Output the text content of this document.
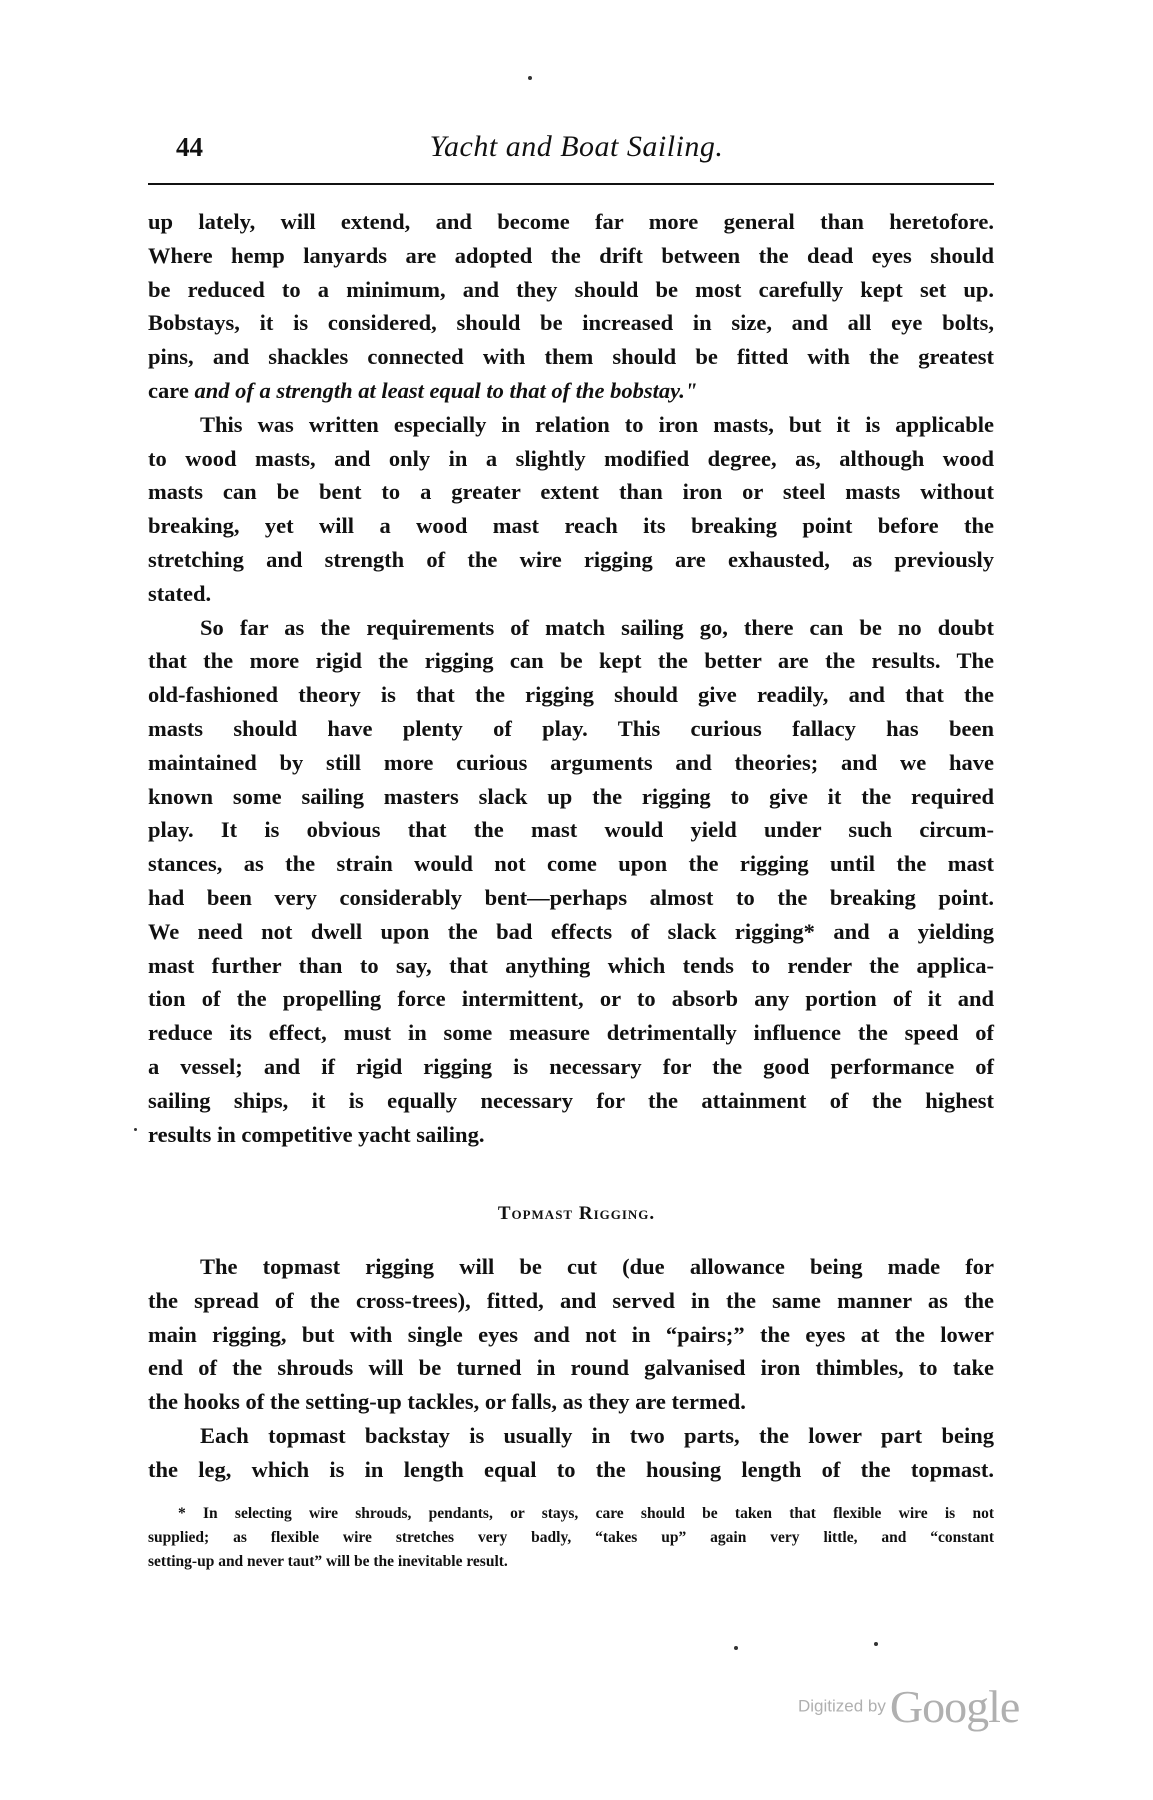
44	Yacht and Boat Sailing.
up lately, will extend, and become far more general than heretofore.
Where hemp lanyards are adopted the drift between the dead eyes should
be reduced to a minimum, and they should be most carefully kept set up.
Bobstays, it is considered, should be increased in size, and all eye bolts,
pins, and shackles connected with them should be fitted with the greatest
care and of a strength at least equal to that of the bobstay."
This was written especially in relation to iron masts, but it is applicable
to wood masts, and only in a slightly modified degree, as, although wood
masts can be bent to a greater extent than iron or steel masts without
breaking, yet will a wood mast reach its breaking point before the
stretching and strength of the wire rigging are exhausted, as previously
stated.
So far as the requirements of match sailing go, there can be no doubt
that the more rigid the rigging can be kept the better are the results. The
old-fashioned theory is that the rigging should give readily, and that the
masts should have plenty of play. This curious fallacy has been
maintained by still more curious arguments and theories; and we have
known some sailing masters slack up the rigging to give it the required
play. It is obvious that the mast would yield under such circum-
stances, as the strain would not come upon the rigging until the mast
had been very considerably bent—perhaps almost to the breaking point.
We need not dwell upon the bad effects of slack rigging* and a yielding
mast further than to say, that anything which tends to render the applica-
tion of the propelling force intermittent, or to absorb any portion of it and
reduce its effect, must in some measure detrimentally influence the speed of
a vessel; and if rigid rigging is necessary for the good performance of
sailing ships, it is equally necessary for the attainment of the highest
results in competitive yacht sailing.
Topmast Rigging.
The topmast rigging will be cut (due allowance being made for
the spread of the cross-trees), fitted, and served in the same manner as the
main rigging, but with single eyes and not in “pairs;” the eyes at the lower
end of the shrouds will be turned in round galvanised iron thimbles, to take
the hooks of the setting-up tackles, or falls, as they are termed.
Each topmast backstay is usually in two parts, the lower part being
the leg, which is in length equal to the housing length of the topmast.
* In selecting wire shrouds, pendants, or stays, care should be taken that flexible wire is not
supplied; as flexible wire stretches very badly, “takes up” again very little, and “constant
setting-up and never taut” will be the inevitable result.
Digitized by Google
